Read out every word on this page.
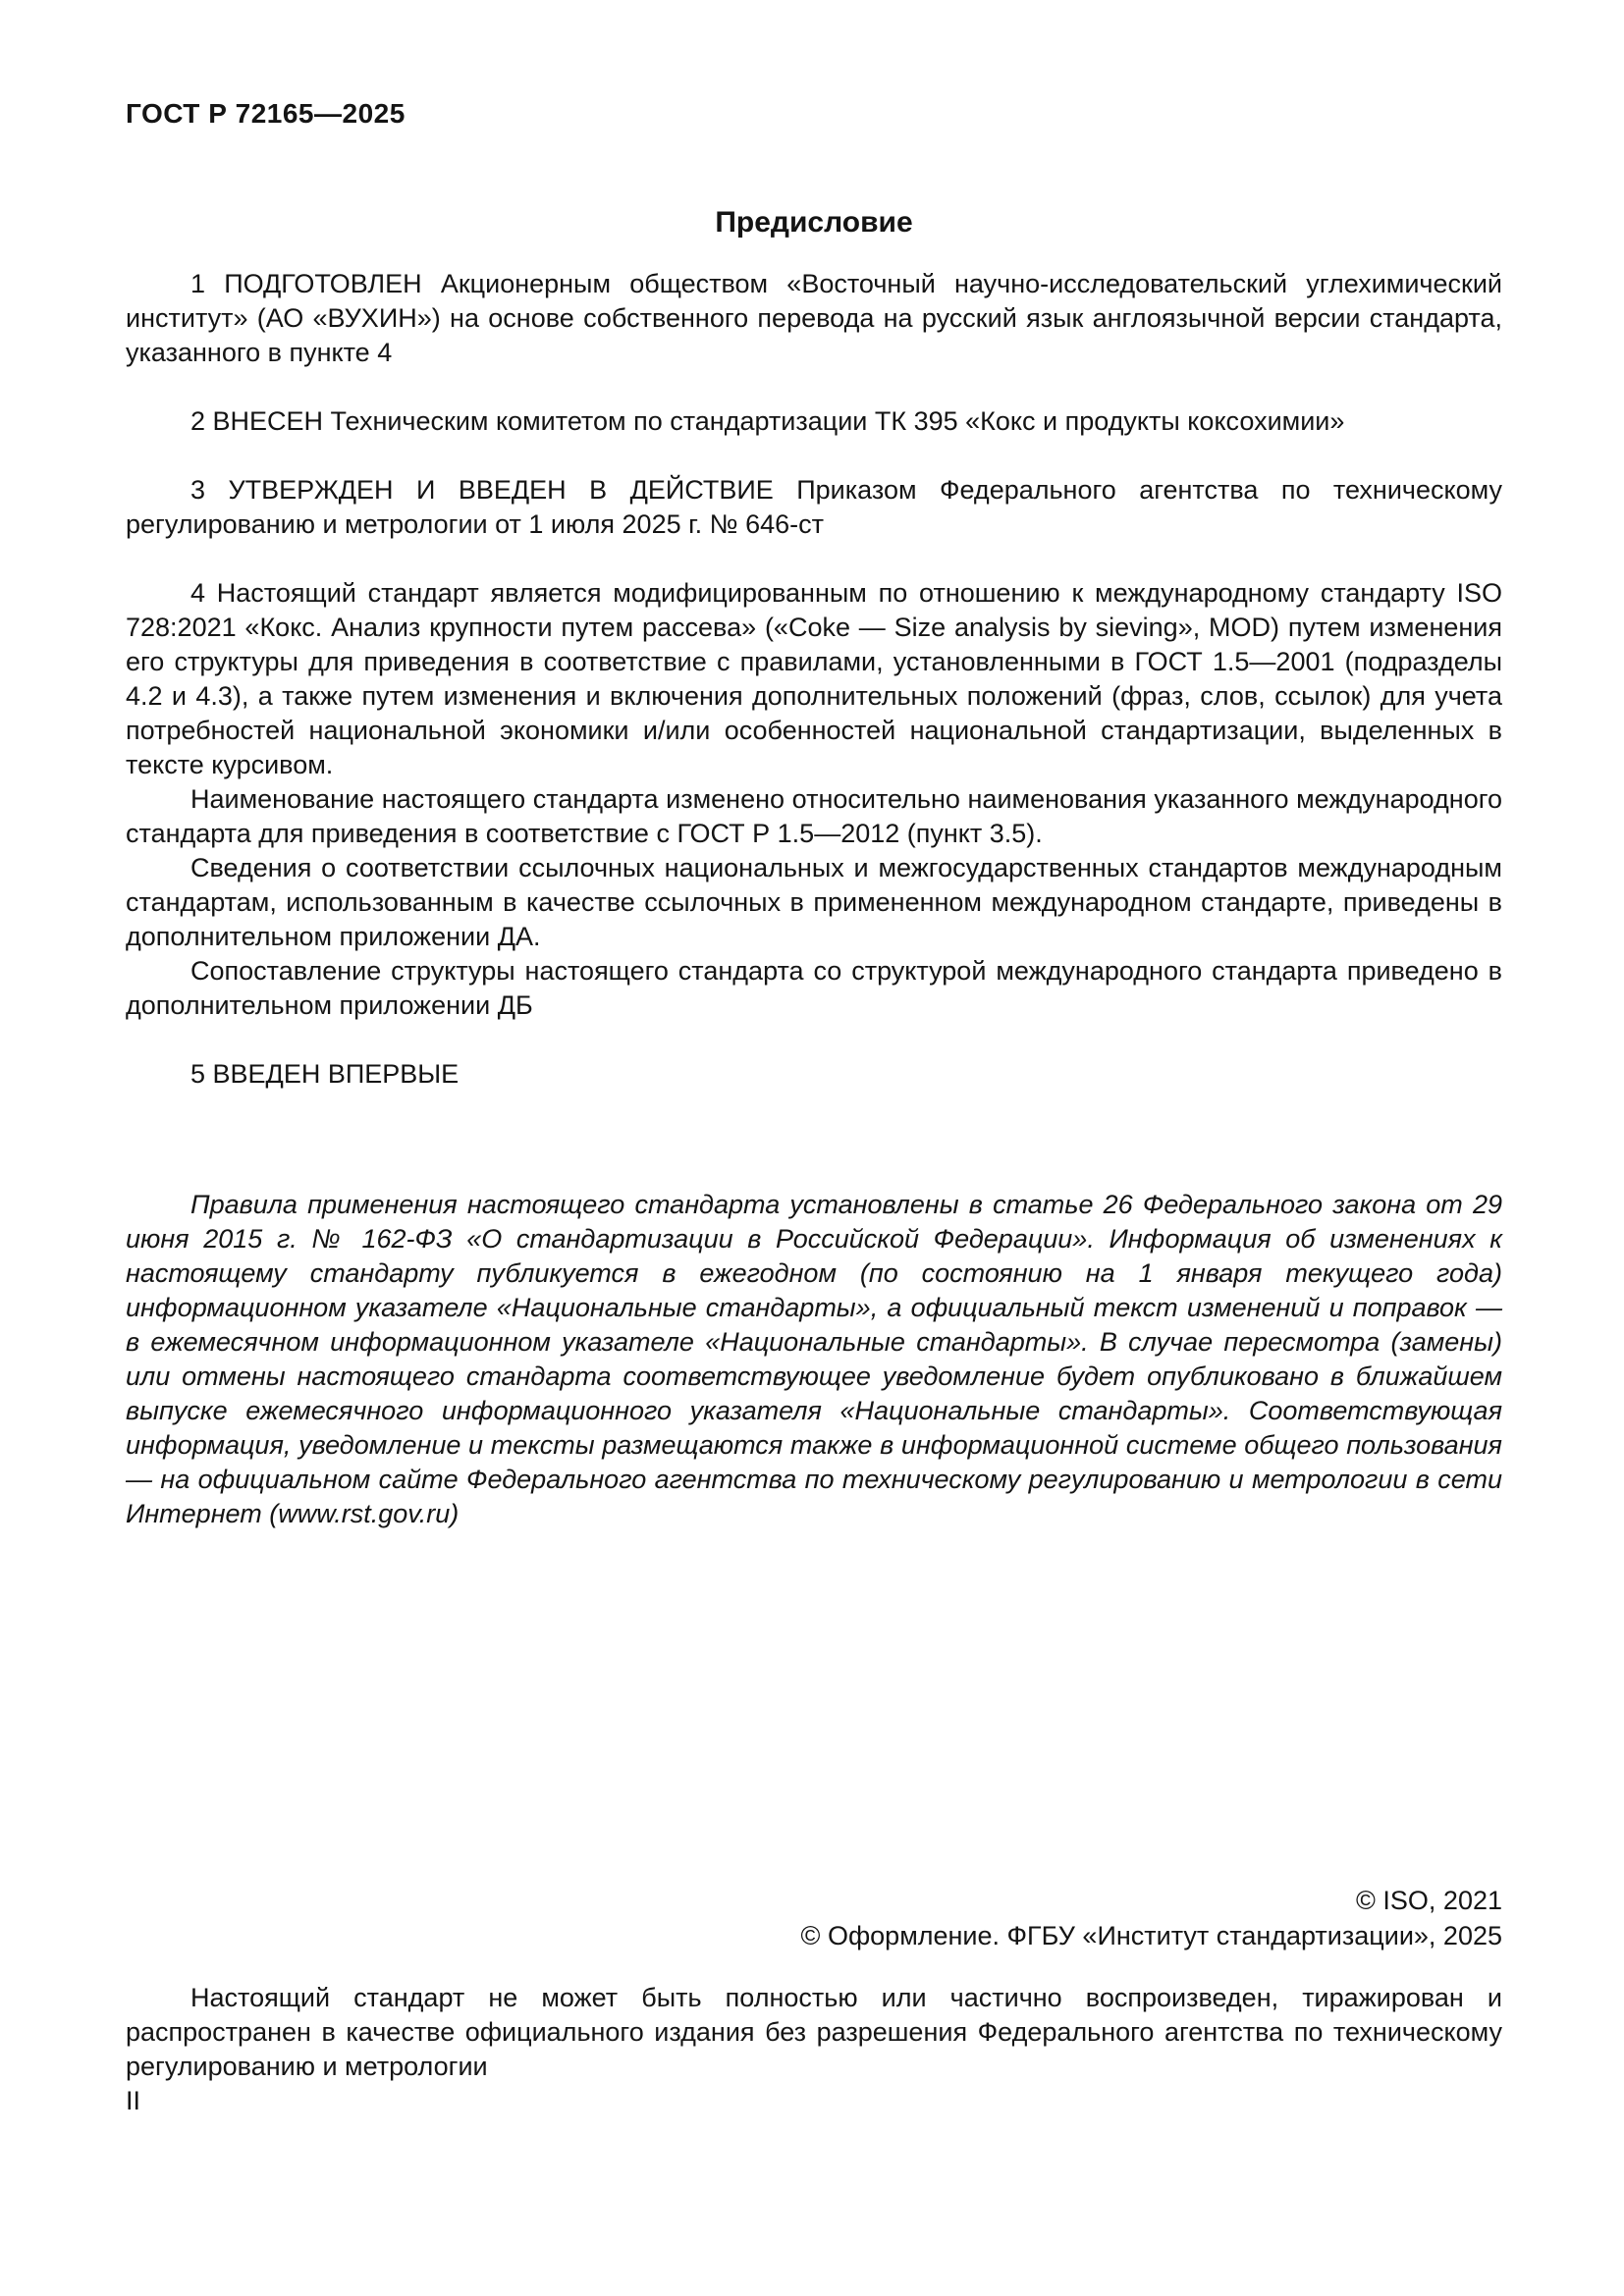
ГОСТ Р 72165—2025
Предисловие

1 ПОДГОТОВЛЕН Акционерным обществом «Восточный научно-исследовательский углехимический институт» (АО «ВУХИН») на основе собственного перевода на русский язык англоязычной версии стандарта, указанного в пункте 4

2 ВНЕСЕН Техническим комитетом по стандартизации ТК 395 «Кокс и продукты коксохимии»

3 УТВЕРЖДЕН И ВВЕДЕН В ДЕЙСТВИЕ Приказом Федерального агентства по техническому регулированию и метрологии от 1 июля 2025 г. № 646-ст

4 Настоящий стандарт является модифицированным по отношению к международному стандарту ISO 728:2021 «Кокс. Анализ крупности путем рассева» («Coke — Size analysis by sieving», MOD) путем изменения его структуры для приведения в соответствие с правилами, установленными в ГОСТ 1.5—2001 (подразделы 4.2 и 4.3), а также путем изменения и включения дополнительных положений (фраз, слов, ссылок) для учета потребностей национальной экономики и/или особенностей национальной стандартизации, выделенных в тексте курсивом.

Наименование настоящего стандарта изменено относительно наименования указанного международного стандарта для приведения в соответствие с ГОСТ Р 1.5—2012 (пункт 3.5).

Сведения о соответствии ссылочных национальных и межгосударственных стандартов международным стандартам, использованным в качестве ссылочных в примененном международном стандарте, приведены в дополнительном приложении ДА.

Сопоставление структуры настоящего стандарта со структурой международного стандарта приведено в дополнительном приложении ДБ

5 ВВЕДЕН ВПЕРВЫЕ

Правила применения настоящего стандарта установлены в статье 26 Федерального закона от 29 июня 2015 г. № 162-ФЗ «О стандартизации в Российской Федерации». Информация об изменениях к настоящему стандарту публикуется в ежегодном (по состоянию на 1 января текущего года) информационном указателе «Национальные стандарты», а официальный текст изменений и поправок — в ежемесячном информационном указателе «Национальные стандарты». В случае пересмотра (замены) или отмены настоящего стандарта соответствующее уведомление будет опубликовано в ближайшем выпуске ежемесячного информационного указателя «Национальные стандарты». Соответствующая информация, уведомление и тексты размещаются также в информационной системе общего пользования — на официальном сайте Федерального агентства по техническому регулированию и метрологии в сети Интернет (www.rst.gov.ru)

© ISO, 2021
© Оформление. ФГБУ «Институт стандартизации», 2025

Настоящий стандарт не может быть полностью или частично воспроизведен, тиражирован и распространен в качестве официального издания без разрешения Федерального агентства по техническому регулированию и метрологии

II
